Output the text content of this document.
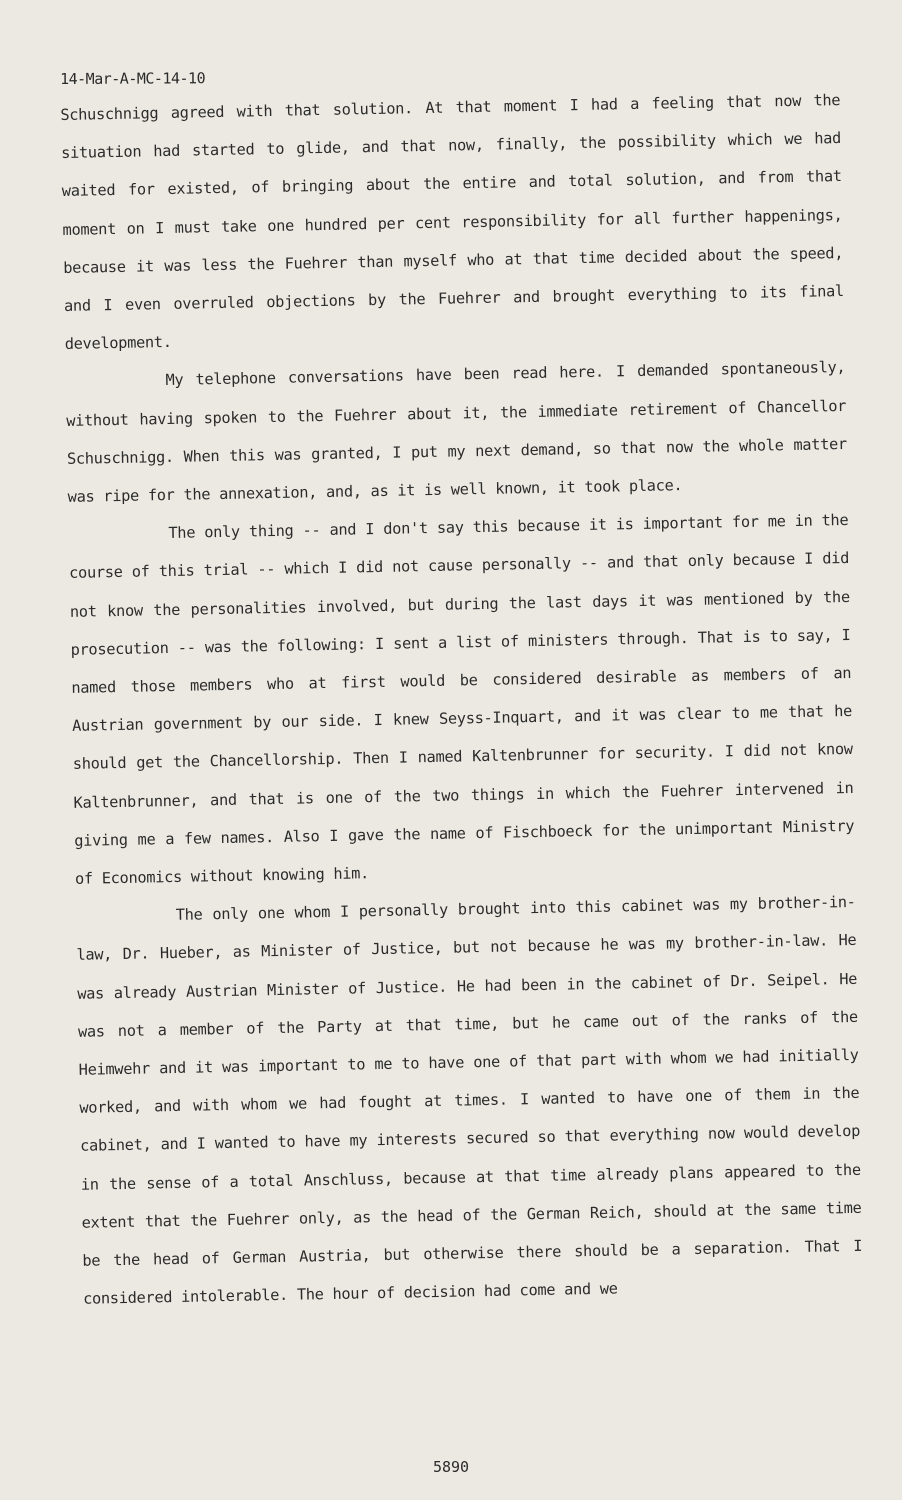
14-Mar-A-MC-14-10

Schuschnigg agreed with that solution. At that moment I had a feeling that now the situation had started to glide, and that now, finally, the possibility which we had waited for existed, of bringing about the entire and total solution, and from that moment on I must take one hundred per cent responsibility for all further happenings, because it was less the Fuehrer than myself who at that time decided about the speed, and I even overruled objections by the Fuehrer and brought everything to its final development.

My telephone conversations have been read here. I demanded spontaneously, without having spoken to the Fuehrer about it, the immediate retirement of Chancellor Schuschnigg. When this was granted, I put my next demand, so that now the whole matter was ripe for the annexation, and, as it is well known, it took place.

The only thing -- and I don't say this because it is important for me in the course of this trial -- which I did not cause personally -- and that only because I did not know the personalities involved, but during the last days it was mentioned by the prosecution -- was the following: I sent a list of ministers through. That is to say, I named those members who at first would be considered desirable as members of an Austrian government by our side. I knew Seyss-Inquart, and it was clear to me that he should get the Chancellorship. Then I named Kaltenbrunner for security. I did not know Kaltenbrunner, and that is one of the two things in which the Fuehrer intervened in giving me a few names. Also I gave the name of Fischboeck for the unimportant Ministry of Economics without knowing him.

The only one whom I personally brought into this cabinet was my brother-in-law, Dr. Hueber, as Minister of Justice, but not because he was my brother-in-law. He was already Austrian Minister of Justice. He had been in the cabinet of Dr. Seipel. He was not a member of the Party at that time, but he came out of the ranks of the Heimwehr and it was important to me to have one of that part with whom we had initially worked, and with whom we had fought at times. I wanted to have one of them in the cabinet, and I wanted to have my interests secured so that everything now would develop in the sense of a total Anschluss, because at that time already plans appeared to the extent that the Fuehrer only, as the head of the German Reich, should at the same time be the head of German Austria, but otherwise there should be a separation. That I considered intolerable. The hour of decision had come and we

5890
